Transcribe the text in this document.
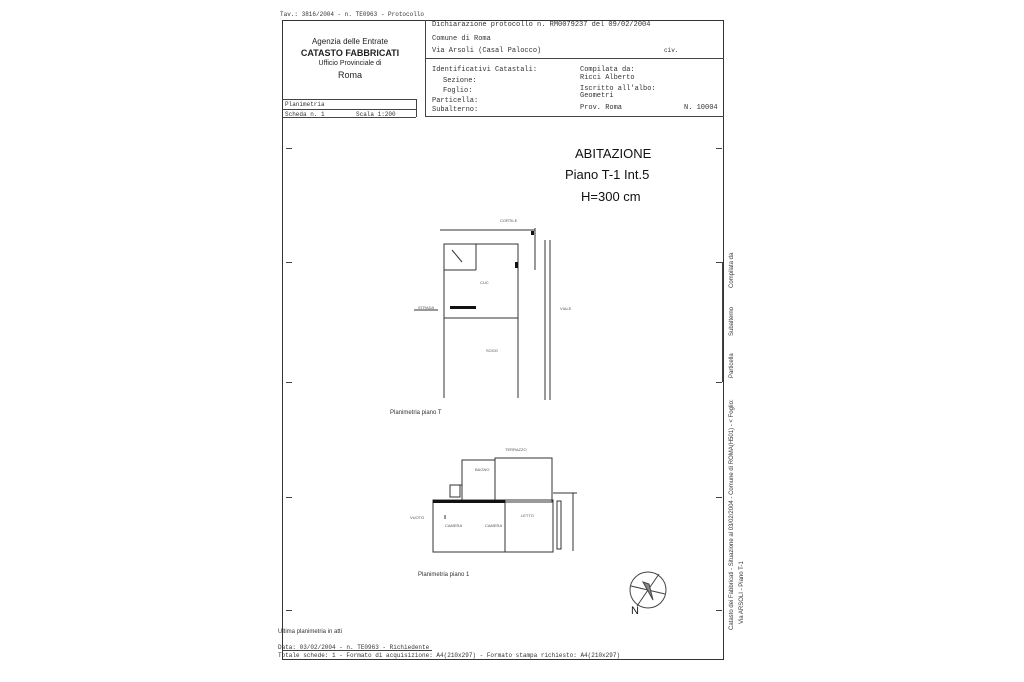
Tav.: 3816/2004 - n. TE0963 - Protocollo
Agenzia delle Entrate
CATASTO FABBRICATI
Ufficio Provinciale di
Roma
Dichiarazione protocollo n. RM0079237 del 09/02/2004
Comune di Roma
Via Arsoli (Casal Palocco)	civ.
Identificativi Catastali:
Sezione:
Foglio:
Particella:
Subalterno:
Compilata da:
Ricci Alberto
Iscritto all'albo:
Geometri
Prov. Roma	N. 10004
Planimetria
Scheda n. 1	Scala 1:200
ABITAZIONE
Piano T-1 Int.5
H=300 cm
CUC
SOGG
VIALE
STRADA
CORTILE
Planimetria piano T
BAGNO
TERRAZZO
CAMERA	CAMERA
LETTO
VUOTO
Planimetria piano 1
N
Ultima planimetria in atti
Data: 03/02/2004 - n. TE0963 - Richiedente
Totale schede: 1 - Formato di acquisizione: A4(210x297) - Formato stampa richiesto: A4(210x297)
Catasto dei Fabbricati - Situazione al 03/02/2004 - Comune di ROMA(H501) - < Foglio: Via ARSOLI - Piano T-1
Particella
Subalterno
Compilata da
